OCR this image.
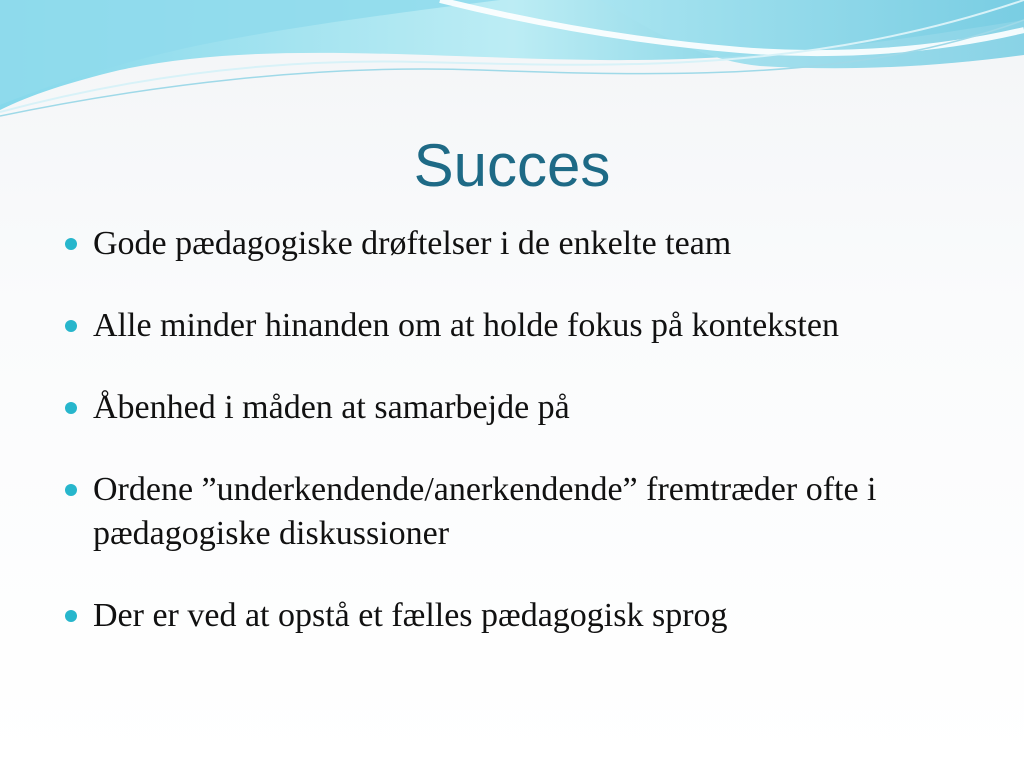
Succes
Gode pædagogiske drøftelser i de enkelte team
Alle minder hinanden om at holde fokus på konteksten
Åbenhed i måden at samarbejde på
Ordene ”underkendende/anerkendende” fremtræder ofte i pædagogiske diskussioner
Der er ved at opstå et fælles pædagogisk sprog
